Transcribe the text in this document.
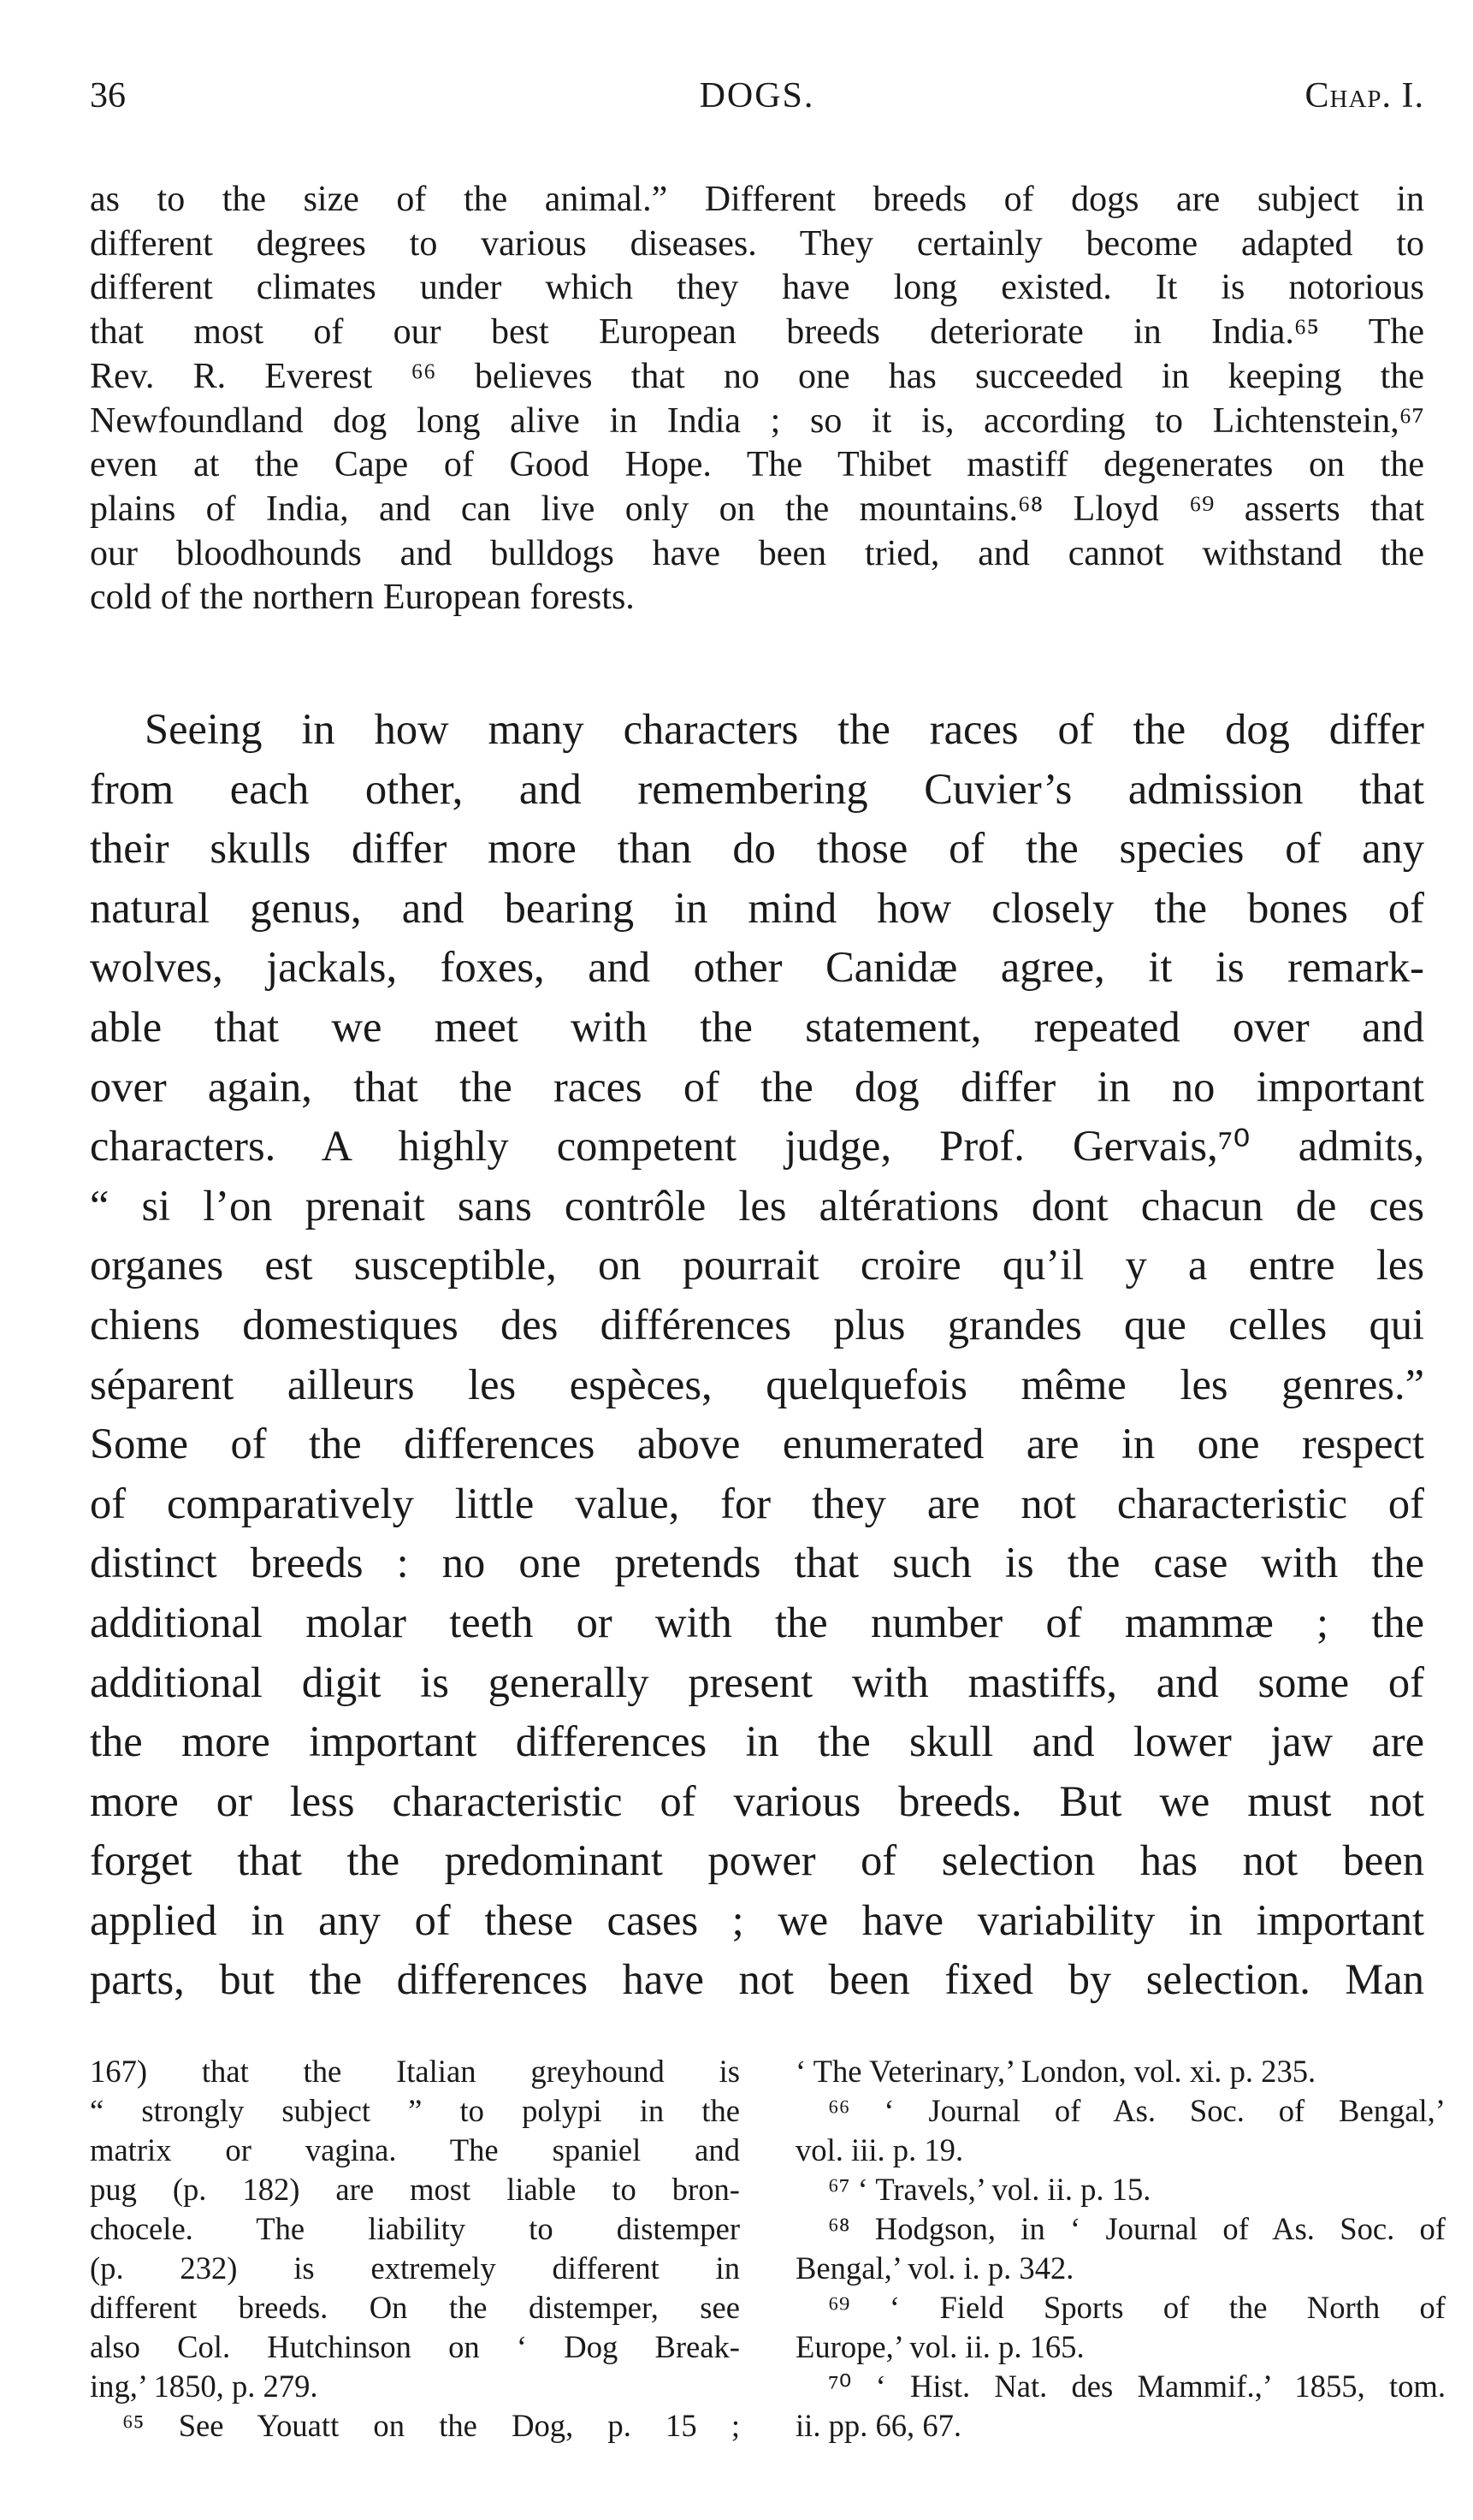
36	DOGS.	Chap. I.
as to the size of the animal.” Different breeds of dogs are subject in
different degrees to various diseases. They certainly become adapted to
different climates under which they have long existed. It is notorious
that most of our best European breeds deteriorate in India.⁶⁵ The
Rev. R. Everest ⁶⁶ believes that no one has succeeded in keeping the
Newfoundland dog long alive in India ; so it is, according to Lichtenstein,⁶⁷
even at the Cape of Good Hope. The Thibet mastiff degenerates on the
plains of India, and can live only on the mountains.⁶⁸ Lloyd ⁶⁹ asserts that
our bloodhounds and bulldogs have been tried, and cannot withstand the
cold of the northern European forests.
Seeing in how many characters the races of the dog differ
from each other, and remembering Cuvier’s admission that
their skulls differ more than do those of the species of any
natural genus, and bearing in mind how closely the bones of
wolves, jackals, foxes, and other Canidæ agree, it is remark-
able that we meet with the statement, repeated over and
over again, that the races of the dog differ in no important
characters. A highly competent judge, Prof. Gervais,⁷⁰ admits,
“ si l’on prenait sans contrôle les altérations dont chacun de ces
organes est susceptible, on pourrait croire qu’il y a entre les
chiens domestiques des différences plus grandes que celles qui
séparent ailleurs les espèces, quelquefois même les genres.”
Some of the differences above enumerated are in one respect
of comparatively little value, for they are not characteristic of
distinct breeds : no one pretends that such is the case with the
additional molar teeth or with the number of mammæ ; the
additional digit is generally present with mastiffs, and some of
the more important differences in the skull and lower jaw are
more or less characteristic of various breeds. But we must not
forget that the predominant power of selection has not been
applied in any of these cases ; we have variability in important
parts, but the differences have not been fixed by selection. Man
167) that the Italian greyhound is
“ strongly subject ” to polypi in the
matrix or vagina. The spaniel and
pug (p. 182) are most liable to bron-
chocele. The liability to distemper
(p. 232) is extremely different in
different breeds. On the distemper, see
also Col. Hutchinson on ‘ Dog Break-
ing,’ 1850, p. 279.
⁶⁵ See Youatt on the Dog, p. 15 ;
‘ The Veterinary,’ London, vol. xi. p. 235.
⁶⁶ ‘ Journal of As. Soc. of Bengal,’
vol. iii. p. 19.
⁶⁷ ‘ Travels,’ vol. ii. p. 15.
⁶⁸ Hodgson, in ‘ Journal of As. Soc. of
Bengal,’ vol. i. p. 342.
⁶⁹ ‘ Field Sports of the North of
Europe,’ vol. ii. p. 165.
⁷⁰ ‘ Hist. Nat. des Mammif.,’ 1855, tom.
ii. pp. 66, 67.
